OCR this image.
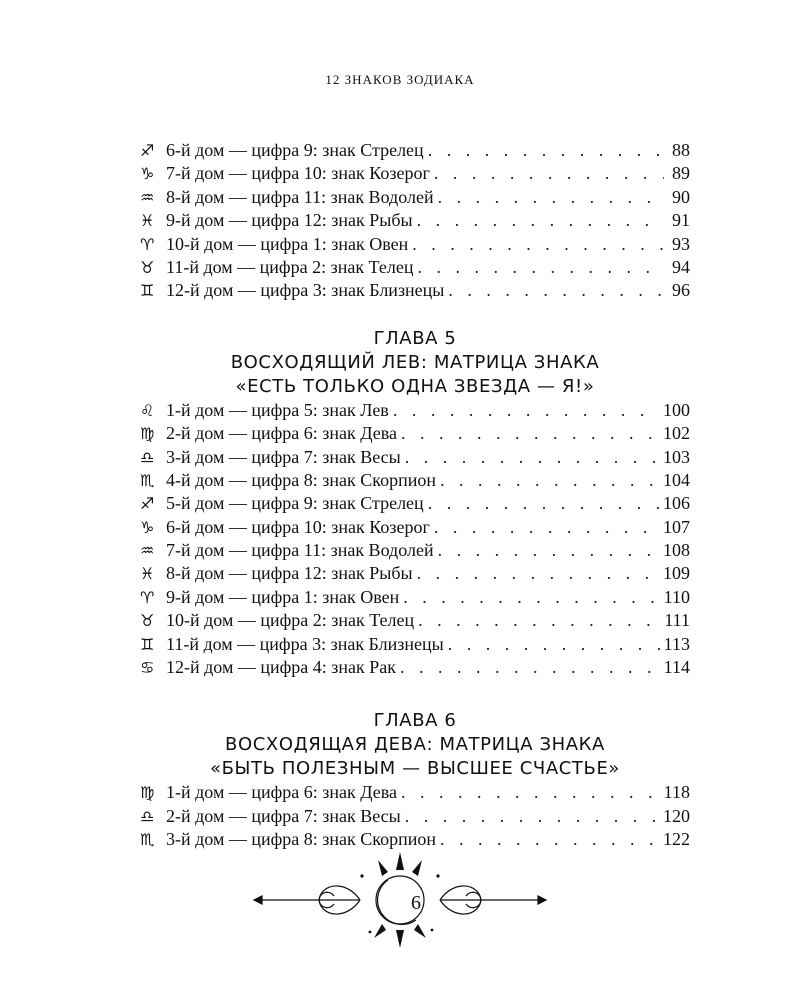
12 ЗНАКОВ ЗОДИАКА
♐ 6-й дом — цифра 9: знак Стрелец . . .	88
♑ 7-й дом — цифра 10: знак Козерог . . .	89
♒ 8-й дом — цифра 11: знак Водолей . . .	90
♓ 9-й дом — цифра 12: знак Рыбы . . .	91
♈ 10-й дом — цифра 1: знак Овен . . .	93
♉ 11-й дом — цифра 2: знак Телец . . .	94
♊ 12-й дом — цифра 3: знак Близнецы . . .	96
ГЛАВА 5
ВОСХОДЯЩИЙ ЛЕВ: МАТРИЦА ЗНАКА
«ЕСТЬ ТОЛЬКО ОДНА ЗВЕЗДА — Я!»
♌ 1-й дом — цифра 5: знак Лев . . .	100
♍ 2-й дом — цифра 6: знак Дева . . .	102
♎ 3-й дом — цифра 7: знак Весы . . .	103
♏ 4-й дом — цифра 8: знак Скорпион . . .	104
♐ 5-й дом — цифра 9: знак Стрелец . . .	106
♑ 6-й дом — цифра 10: знак Козерог . . .	107
♒ 7-й дом — цифра 11: знак Водолей . . .	108
♓ 8-й дом — цифра 12: знак Рыбы . . .	109
♈ 9-й дом — цифра 1: знак Овен . . .	110
♉ 10-й дом — цифра 2: знак Телец . . .	111
♊ 11-й дом — цифра 3: знак Близнецы . . .	113
♋ 12-й дом — цифра 4: знак Рак . . .	114
ГЛАВА 6
ВОСХОДЯЩАЯ ДЕВА: МАТРИЦА ЗНАКА
«БЫТЬ ПОЛЕЗНЫМ — ВЫСШЕЕ СЧАСТЬЕ»
♍ 1-й дом — цифра 6: знак Дева . . .	118
♎ 2-й дом — цифра 7: знак Весы . . .	120
♏ 3-й дом — цифра 8: знак Скорпион . . .	122
6
